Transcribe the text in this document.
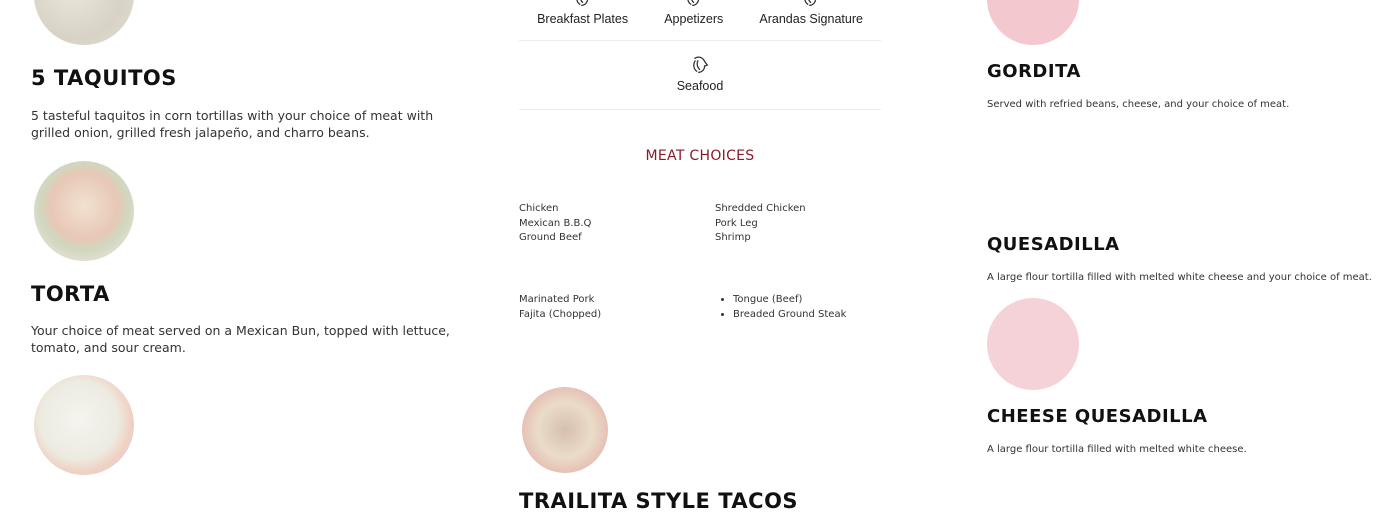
5 TAQUITOS

5 tasteful taquitos in corn tortillas with your choice of meat with grilled onion, grilled fresh jalapeño, and charro beans.

TORTA

Your choice of meat served on a Mexican Bun, topped with lettuce, tomato, and sour cream.

Breakfast Plates	Appetizers	Arandas Signature
Seafood
MEAT CHOICES
Chicken
Mexican B.B.Q
Ground Beef
Shredded Chicken
Pork Leg
Shrimp
Marinated Pork
Fajita (Chopped)
• Tongue (Beef)
• Breaded Ground Steak
TRAILITA STYLE TACOS
GORDITA

Served with refried beans, cheese, and your choice of meat.

QUESADILLA

A large flour tortilla filled with melted white cheese and your choice of meat.

CHEESE QUESADILLA

A large flour tortilla filled with melted white cheese.
